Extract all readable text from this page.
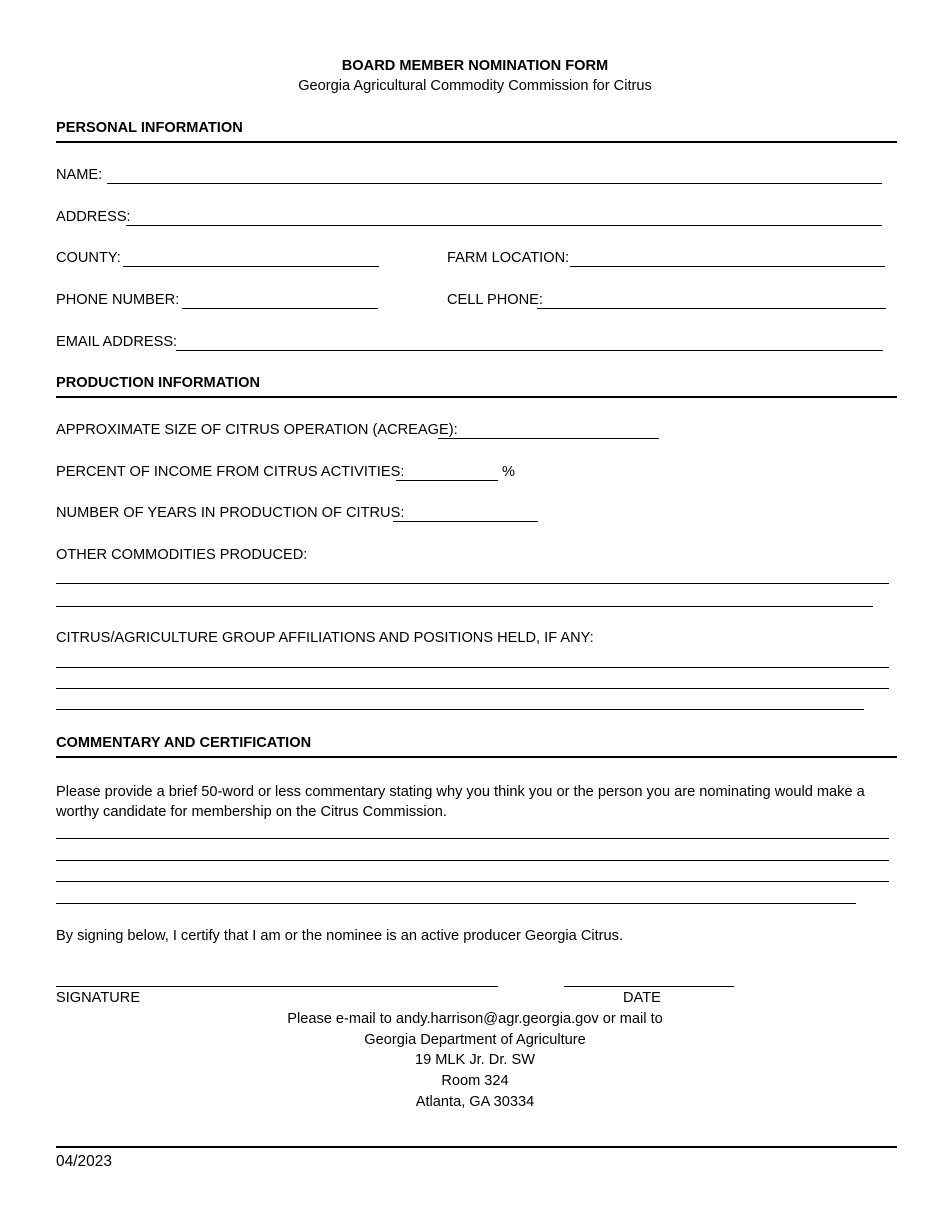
BOARD MEMBER NOMINATION FORM
Georgia Agricultural Commodity Commission for Citrus
PERSONAL INFORMATION
NAME:
ADDRESS:
COUNTY:	FARM LOCATION:
PHONE NUMBER:	CELL PHONE:
EMAIL ADDRESS:
PRODUCTION INFORMATION
APPROXIMATE SIZE OF CITRUS OPERATION (ACREAGE):
PERCENT OF INCOME FROM CITRUS ACTIVITIES:	%
NUMBER OF YEARS IN PRODUCTION OF CITRUS:
OTHER COMMODITIES PRODUCED:
CITRUS/AGRICULTURE GROUP AFFILIATIONS AND POSITIONS HELD, IF ANY:
COMMENTARY AND CERTIFICATION
Please provide a brief 50-word or less commentary stating why you think you or the person you are nominating would make a worthy candidate for membership on the Citrus Commission.
By signing below, I certify that I am or the nominee is an active producer Georgia Citrus.
SIGNATURE	DATE
Please e-mail to andy.harrison@agr.georgia.gov or mail to
Georgia Department of Agriculture
19 MLK Jr. Dr. SW
Room 324
Atlanta, GA 30334
04/2023
